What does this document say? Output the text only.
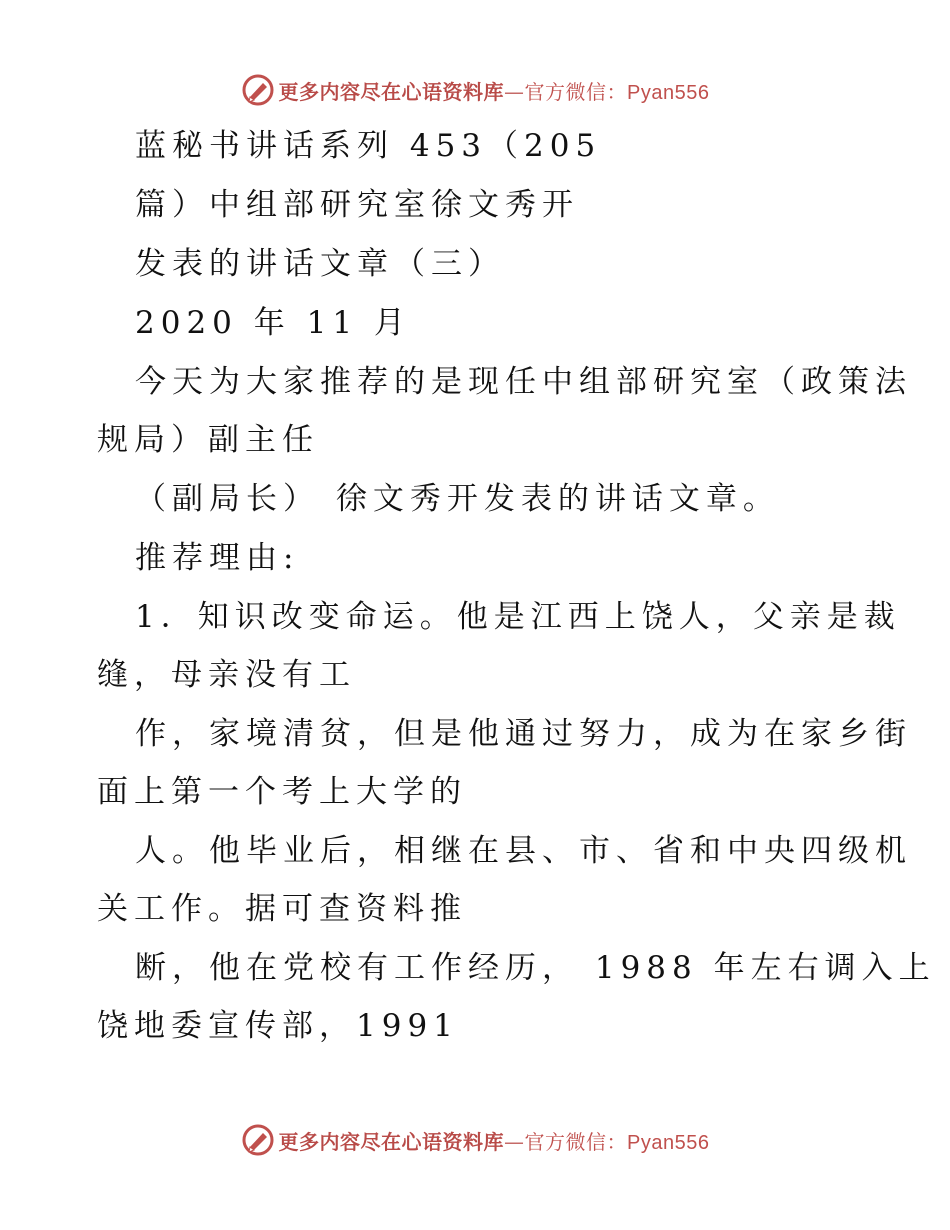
更多内容尽在心语资料库—官方微信：Pyan556
蓝秘书讲话系列 453（205
篇）中组部研究室徐文秀开
发表的讲话文章（三）
2020 年 11 月
今天为大家推荐的是现任中组部研究室（政策法
规局）副主任
（副局长） 徐文秀开发表的讲话文章。
推荐理由:
1．知识改变命运。他是江西上饶人，父亲是裁
缝，母亲没有工
作，家境清贫，但是他通过努力，成为在家乡街
面上第一个考上大学的
人。他毕业后，相继在县、市、省和中央四级机
关工作。据可查资料推
断，他在党校有工作经历， 1988 年左右调入上
饶地委宣传部，1991
更多内容尽在心语资料库—官方微信：Pyan556
